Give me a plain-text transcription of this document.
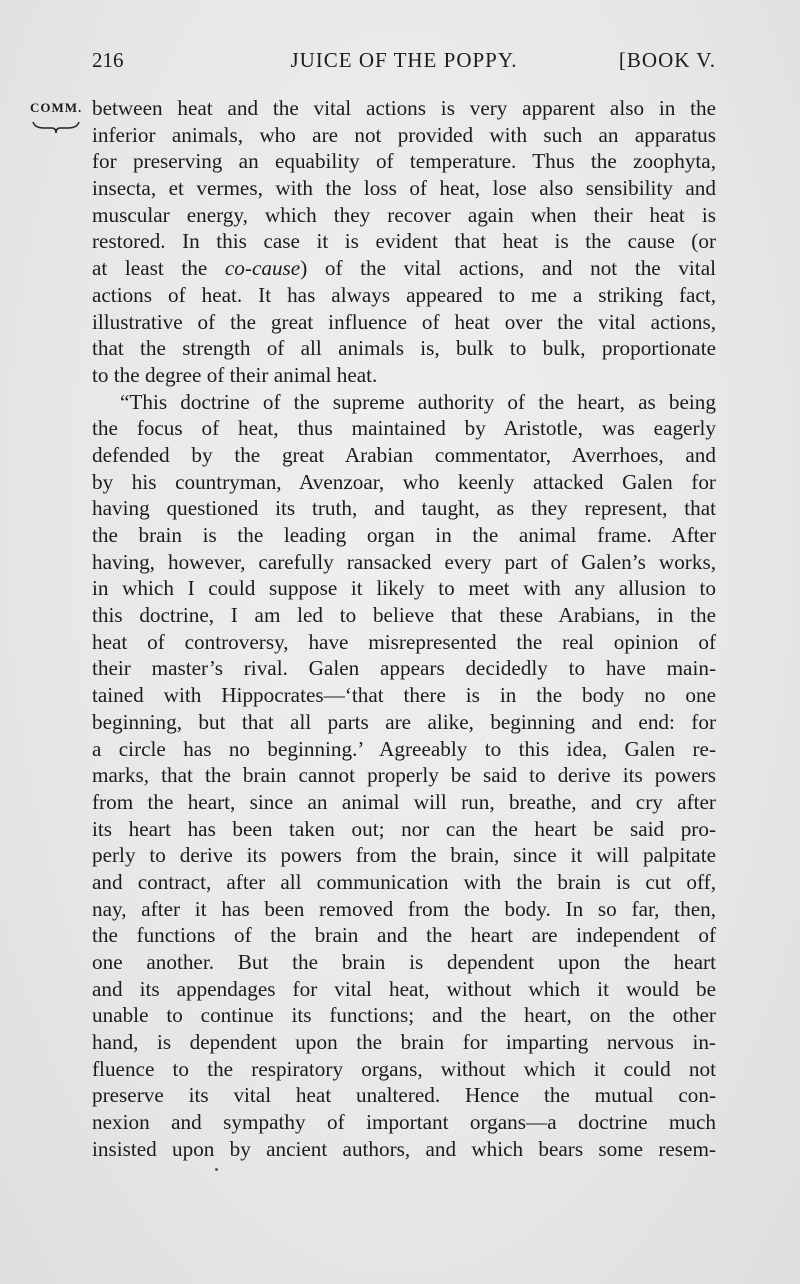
216	JUICE OF THE POPPY.	[BOOK V.
COMM. between heat and the vital actions is very apparent also in the
inferior animals, who are not provided with such an apparatus
for preserving an equability of temperature. Thus the zoophyta,
insecta, et vermes, with the loss of heat, lose also sensibility and
muscular energy, which they recover again when their heat is
restored. In this case it is evident that heat is the cause (or
at least the co-cause) of the vital actions, and not the vital
actions of heat. It has always appeared to me a striking fact,
illustrative of the great influence of heat over the vital actions,
that the strength of all animals is, bulk to bulk, proportionate
to the degree of their animal heat.
“This doctrine of the supreme authority of the heart, as being
the focus of heat, thus maintained by Aristotle, was eagerly
defended by the great Arabian commentator, Averrhoes, and
by his countryman, Avenzoar, who keenly attacked Galen for
having questioned its truth, and taught, as they represent, that
the brain is the leading organ in the animal frame. After
having, however, carefully ransacked every part of Galen’s works,
in which I could suppose it likely to meet with any allusion to
this doctrine, I am led to believe that these Arabians, in the
heat of controversy, have misrepresented the real opinion of
their master’s rival. Galen appears decidedly to have main-
tained with Hippocrates—‘that there is in the body no one
beginning, but that all parts are alike, beginning and end: for
a circle has no beginning.’ Agreeably to this idea, Galen re-
marks, that the brain cannot properly be said to derive its powers
from the heart, since an animal will run, breathe, and cry after
its heart has been taken out; nor can the heart be said pro-
perly to derive its powers from the brain, since it will palpitate
and contract, after all communication with the brain is cut off,
nay, after it has been removed from the body. In so far, then,
the functions of the brain and the heart are independent of
one another. But the brain is dependent upon the heart
and its appendages for vital heat, without which it would be
unable to continue its functions; and the heart, on the other
hand, is dependent upon the brain for imparting nervous in-
fluence to the respiratory organs, without which it could not
preserve its vital heat unaltered. Hence the mutual con-
nexion and sympathy of important organs—a doctrine much
insisted upon by ancient authors, and which bears some resem-
